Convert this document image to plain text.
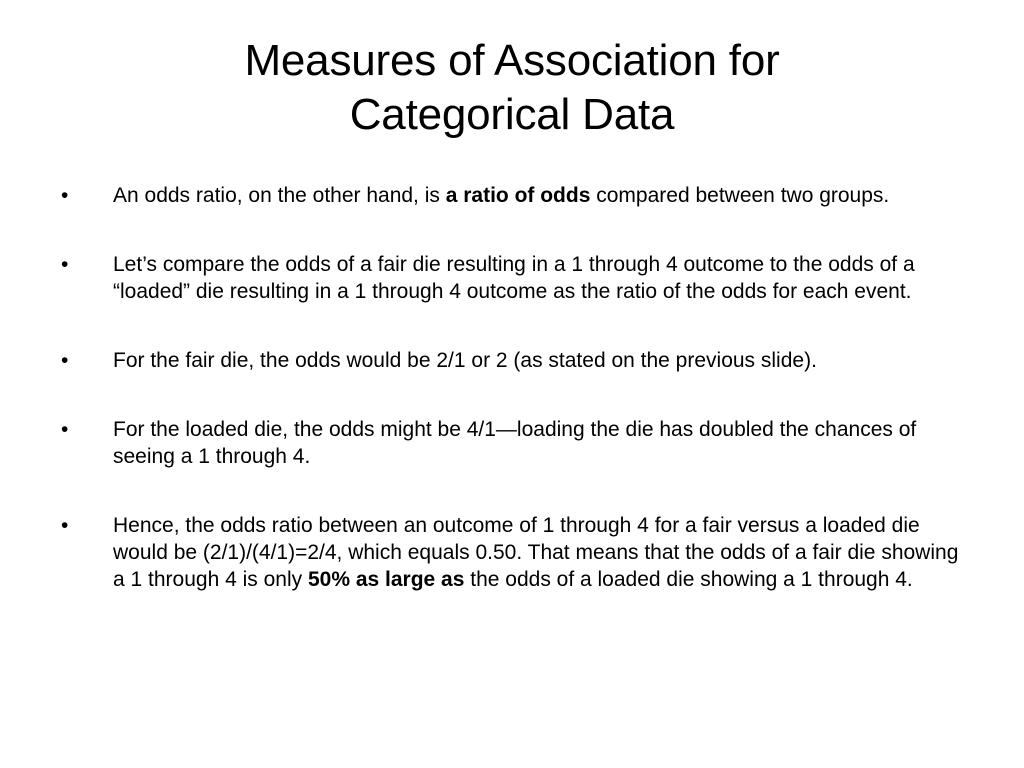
Measures of Association for
Categorical Data
• An odds ratio, on the other hand, is a ratio of odds compared between two groups.
• Let’s compare the odds of a fair die resulting in a 1 through 4 outcome to the odds of a “loaded” die resulting in a 1 through 4 outcome as the ratio of the odds for each event.
• For the fair die, the odds would be 2/1 or 2 (as stated on the previous slide).
• For the loaded die, the odds might be 4/1—loading the die has doubled the chances of seeing a 1 through 4.
• Hence, the odds ratio between an outcome of 1 through 4 for a fair versus a loaded die would be (2/1)/(4/1)=2/4, which equals 0.50. That means that the odds of a fair die showing a 1 through 4 is only 50% as large as the odds of a loaded die showing a 1 through 4.
